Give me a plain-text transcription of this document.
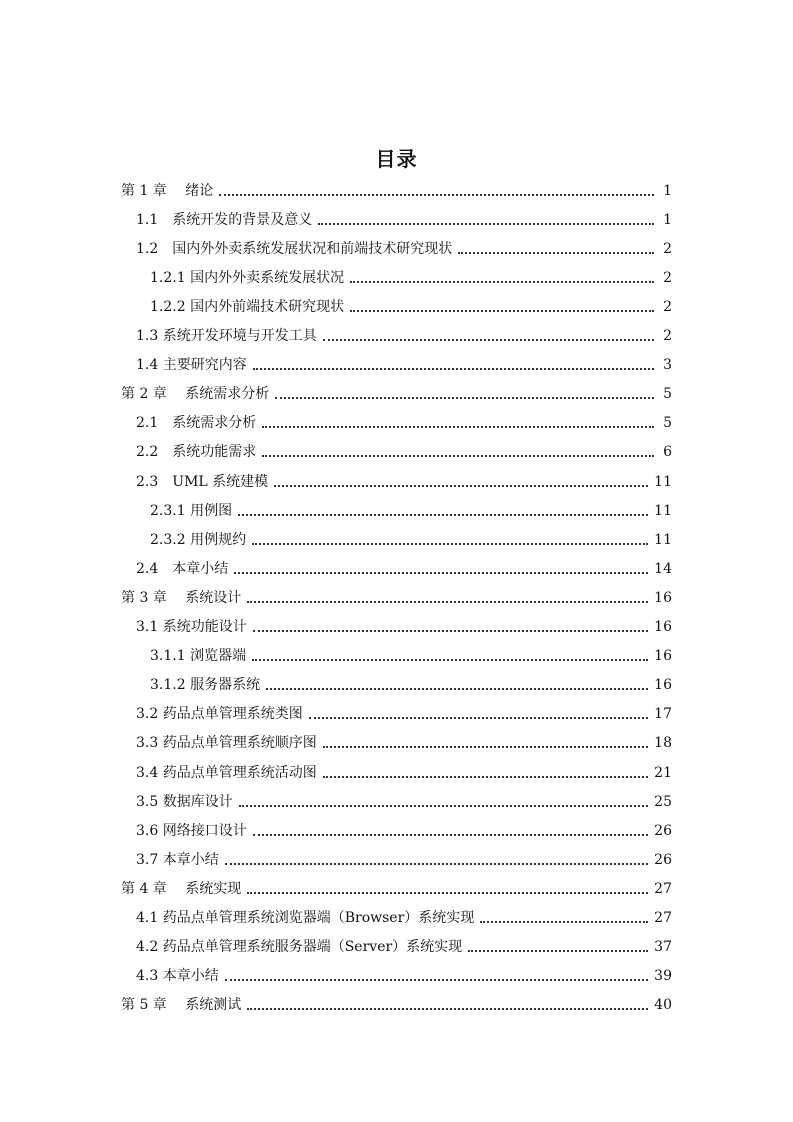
目录
第 1 章　 绪论	1
1.1　系统开发的背景及意义	1
1.2　国内外外卖系统发展状况和前端技术研究现状	2
1.2.1 国内外外卖系统发展状况	2
1.2.2 国内外前端技术研究现状	2
1.3 系统开发环境与开发工具	2
1.4 主要研究内容	3
第 2 章　 系统需求分析	5
2.1　系统需求分析	5
2.2　系统功能需求	6
2.3　UML 系统建模	11
2.3.1 用例图	11
2.3.2 用例规约	11
2.4　本章小结	14
第 3 章　 系统设计	16
3.1 系统功能设计	16
3.1.1 浏览器端	16
3.1.2 服务器系统	16
3.2 药品点单管理系统类图	17
3.3 药品点单管理系统顺序图	18
3.4 药品点单管理系统活动图	21
3.5 数据库设计	25
3.6 网络接口设计	26
3.7 本章小结	26
第 4 章　 系统实现	27
4.1 药品点单管理系统浏览器端（Browser）系统实现	27
4.2 药品点单管理系统服务器端（Server）系统实现	37
4.3 本章小结	39
第 5 章　 系统测试	40
